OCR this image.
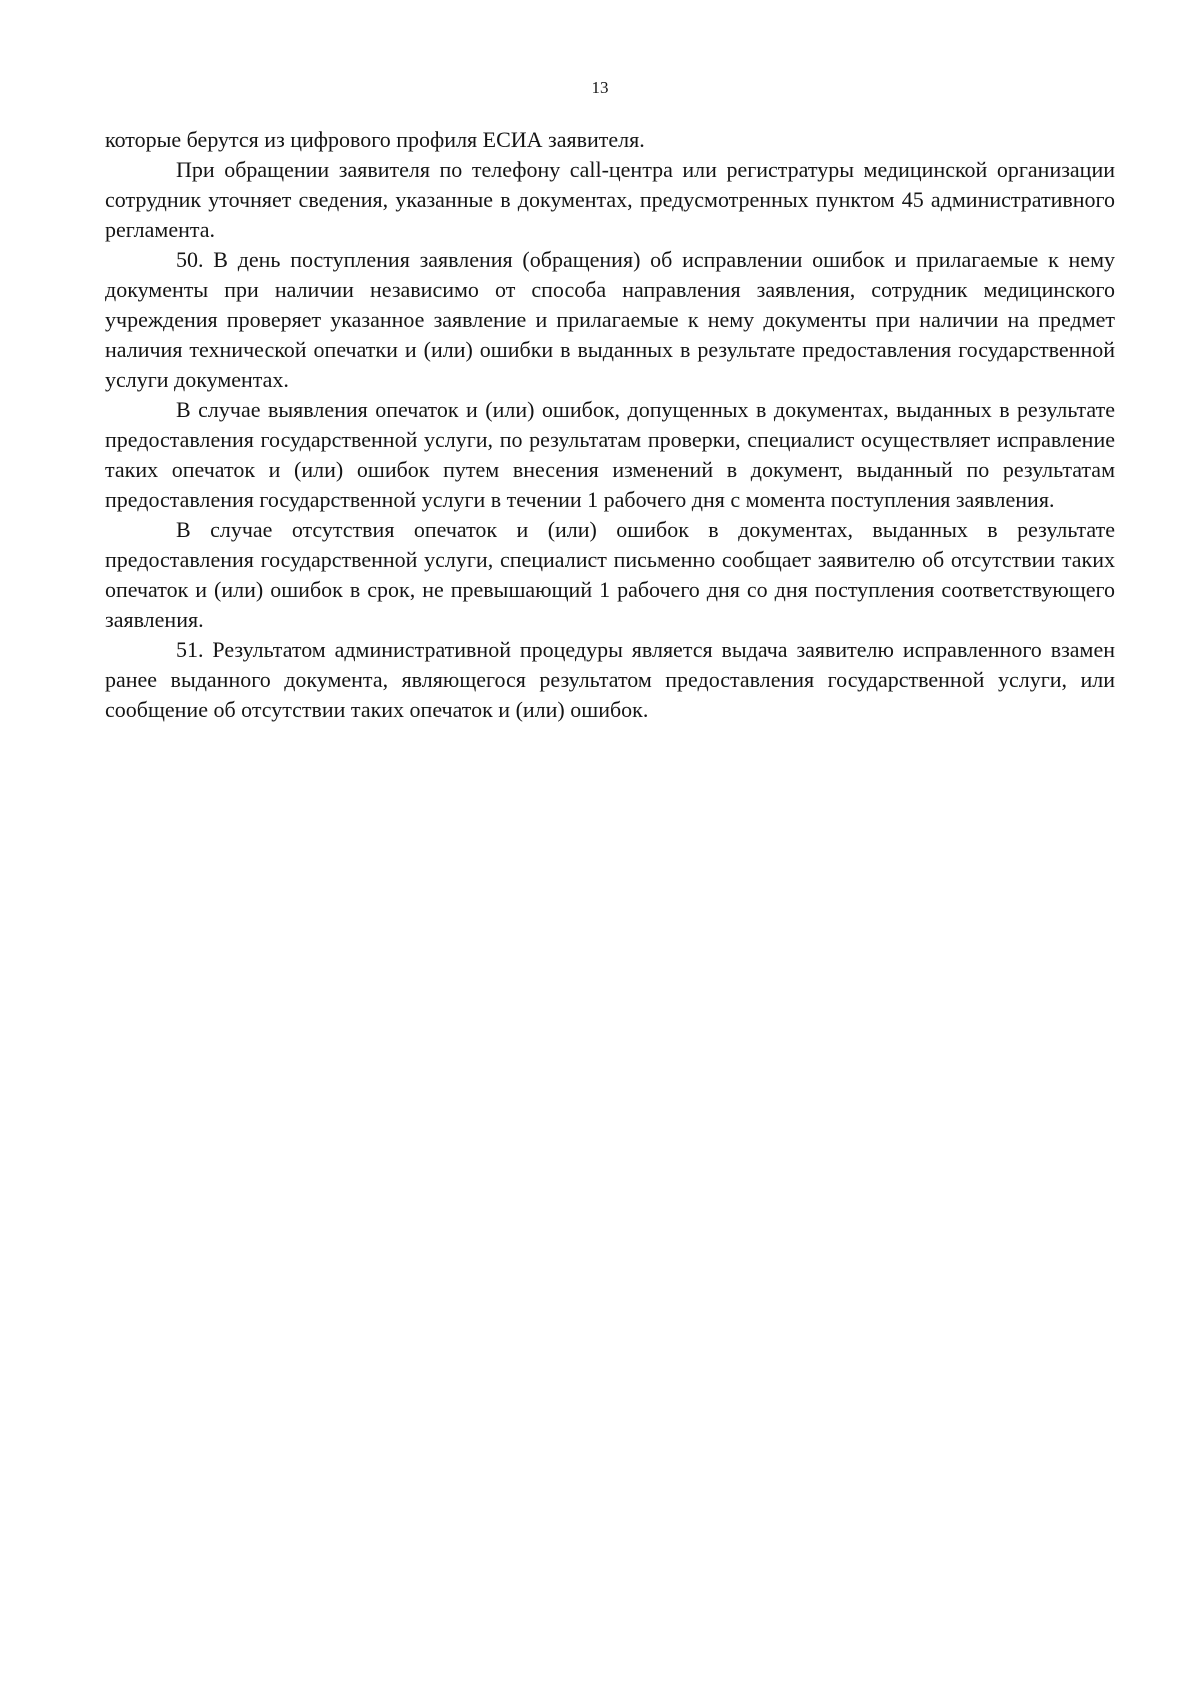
13

которые берутся из цифрового профиля ЕСИА заявителя.

При обращении заявителя по телефону call-центра или регистратуры медицинской организации сотрудник уточняет сведения, указанные в документах, предусмотренных пунктом 45 административного регламента.

50. В день поступления заявления (обращения) об исправлении ошибок и прилагаемые к нему документы при наличии независимо от способа направления заявления, сотрудник медицинского учреждения проверяет указанное заявление и прилагаемые к нему документы при наличии на предмет наличия технической опечатки и (или) ошибки в выданных в результате предоставления государственной услуги документах.

В случае выявления опечаток и (или) ошибок, допущенных в документах, выданных в результате предоставления государственной услуги, по результатам проверки, специалист осуществляет исправление таких опечаток и (или) ошибок путем внесения изменений в документ, выданный по результатам предоставления государственной услуги в течении 1 рабочего дня с момента поступления заявления.

В случае отсутствия опечаток и (или) ошибок в документах, выданных в результате предоставления государственной услуги, специалист письменно сообщает заявителю об отсутствии таких опечаток и (или) ошибок в срок, не превышающий 1 рабочего дня со дня поступления соответствующего заявления.

51. Результатом административной процедуры является выдача заявителю исправленного взамен ранее выданного документа, являющегося результатом предоставления государственной услуги, или сообщение об отсутствии таких опечаток и (или) ошибок.
